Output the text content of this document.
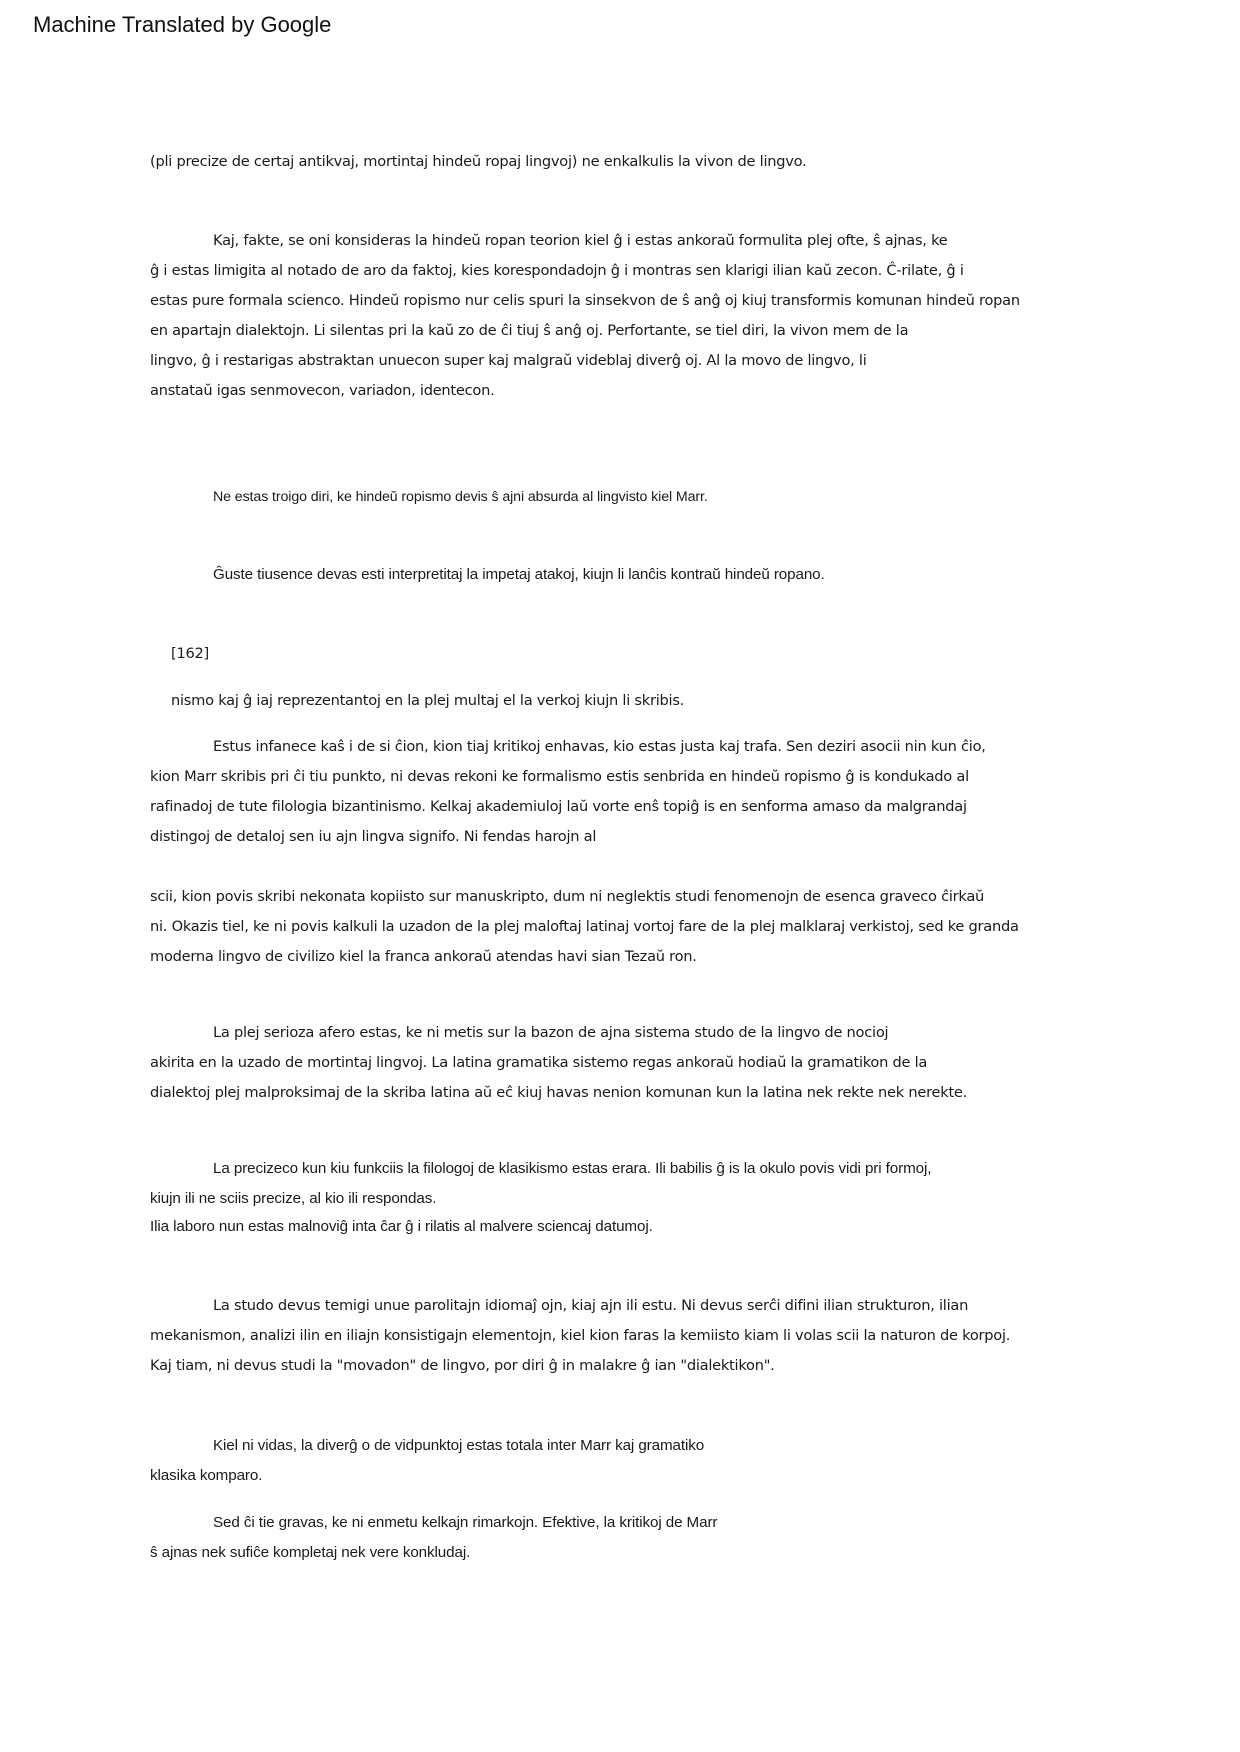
Machine Translated by Google
(pli precize de certaj antikvaj, mortintaj hindeŭ ropaj lingvoj) ne enkalkulis la vivon de lingvo.
Kaj, fakte, se oni konsideras la hindeŭ ropan teorion kiel ĝ i estas ankoraŭ formulita plej ofte, ŝ ajnas, ke
ĝ i estas limigita al notado de aro da faktoj, kies korespondadojn ĝ i montras sen klarigi ilian kaŭ zecon. Ĉ-rilate, ĝ i
estas pure formala scienco. Hindeŭ ropismo nur celis spuri la sinsekvon de ŝ anĝ oj kiuj transformis komunan hindeŭ ropan
en apartajn dialektojn. Li silentas pri la kaŭ zo de ĉi tiuj ŝ anĝ oj. Perfortante, se tiel diri, la vivon mem de la
lingvo, ĝ i restarigas abstraktan unuecon super kaj malgraŭ videblaj diverĝ oj. Al la movo de lingvo, li
anstataŭ igas senmovecon, variadon, identecon.
Ne estas troigo diri, ke hindeŭ ropismo devis ŝ ajni absurda al lingvisto kiel Marr.
Ĝuste tiusence devas esti interpretitaj la impetaj atakoj, kiujn li lanĉis kontraŭ hindeŭ ropano.
[162]
nismo kaj ĝ iaj reprezentantoj en la plej multaj el la verkoj kiujn li skribis.
Estus infanece kaŝ i de si ĉion, kion tiaj kritikoj enhavas, kio estas justa kaj trafa. Sen deziri asocii nin kun ĉio,
kion Marr skribis pri ĉi tiu punkto, ni devas rekoni ke formalismo estis senbrida en hindeŭ ropismo ĝ is kondukado al
rafinadoj de tute filologia bizantinismo. Kelkaj akademiuloj laŭ vorte enŝ topiĝ is en senforma amaso da malgrandaj
distingoj de detaloj sen iu ajn lingva signifo. Ni fendas harojn al
scii, kion povis skribi nekonata kopiisto sur manuskripto, dum ni neglektis studi fenomenojn de esenca graveco ĉirkaŭ
ni. Okazis tiel, ke ni povis kalkuli la uzadon de la plej maloftaj latinaj vortoj fare de la plej malklaraj verkistoj, sed ke granda
moderna lingvo de civilizo kiel la franca ankoraŭ atendas havi sian Tezaŭ ron.
La plej serioza afero estas, ke ni metis sur la bazon de ajna sistema studo de la lingvo de nocioj
akirita en la uzado de mortintaj lingvoj. La latina gramatika sistemo regas ankoraŭ hodiaŭ la gramatikon de la
dialektoj plej malproksimaj de la skriba latina aŭ eĉ kiuj havas nenion komunan kun la latina nek rekte nek nerekte.
La precizeco kun kiu funkciis la filologoj de klasikismo estas erara. Ili babilis ĝ is la okulo povis vidi pri formoj,
kiujn ili ne sciis precize, al kio ili respondas.
Ilia laboro nun estas malnoviĝ inta ĉar ĝ i rilatis al malvere sciencaj datumoj.
La studo devus temigi unue parolitajn idiomaĵ ojn, kiaj ajn ili estu. Ni devus serĉi difini ilian strukturon, ilian
mekanismon, analizi ilin en iliajn konsistigajn elementojn, kiel kion faras la kemiisto kiam li volas scii la naturon de korpoj.
Kaj tiam, ni devus studi la "movadon" de lingvo, por diri ĝ in malakre ĝ ian "dialektikon".
Kiel ni vidas, la diverĝ o de vidpunktoj estas totala inter Marr kaj gramatiko
klasika komparo.
Sed ĉi tie gravas, ke ni enmetu kelkajn rimarkojn. Efektive, la kritikoj de Marr
ŝ ajnas nek sufiĉe kompletaj nek vere konkludaj.
